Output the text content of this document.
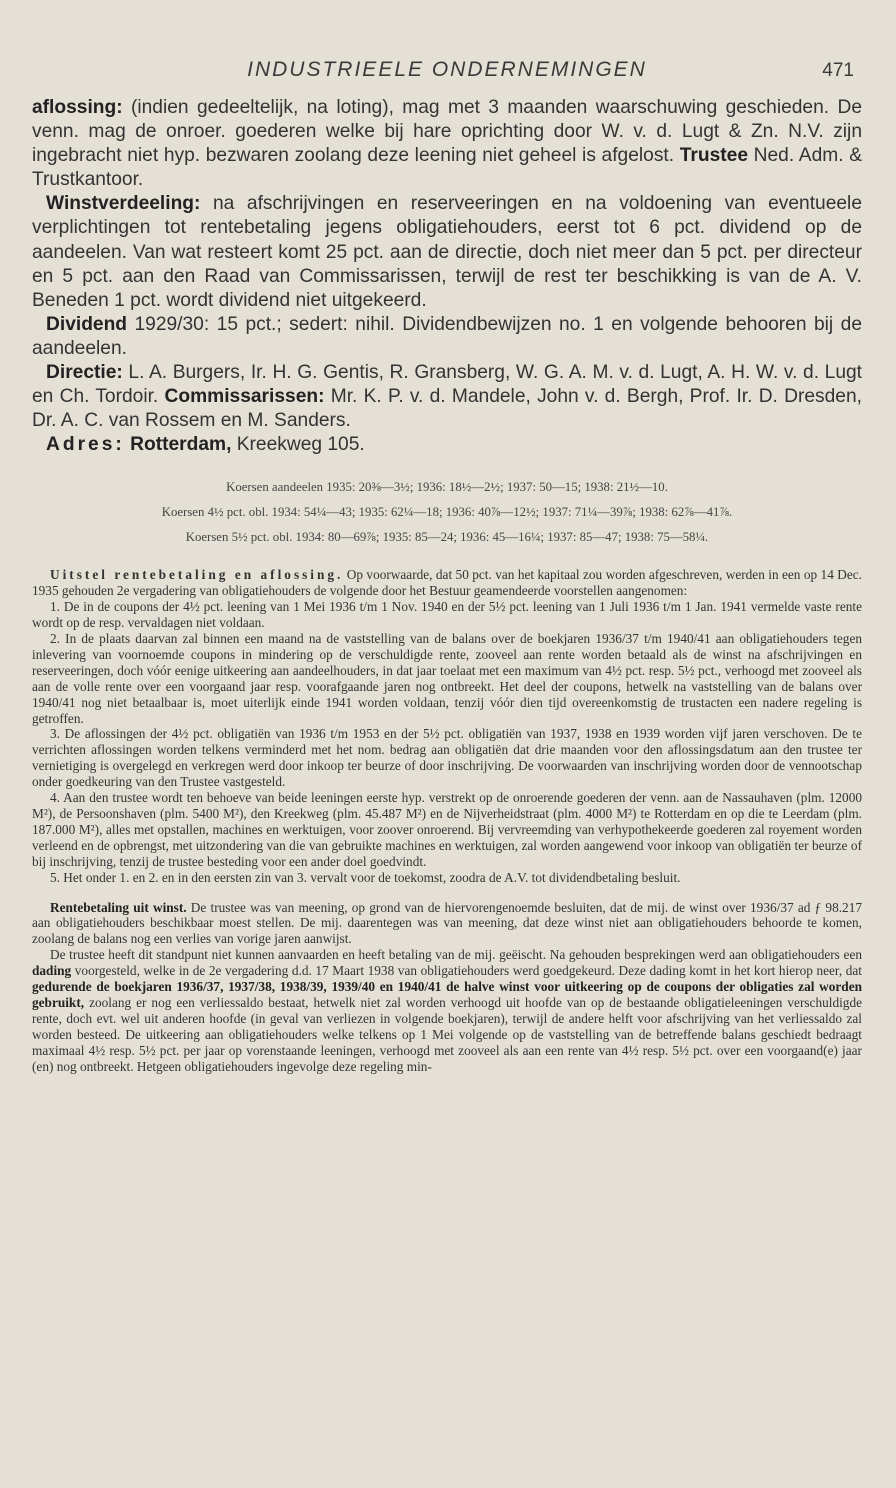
INDUSTRIEELE ONDERNEMINGEN	471

aflossing: (indien gedeeltelijk, na loting), mag met 3 maanden waarschuwing geschieden. De venn. mag de onroer. goederen welke bij hare oprichting door W. v. d. Lugt & Zn. N.V. zijn ingebracht niet hyp. bezwaren zoolang deze leening niet geheel is afgelost. Trustee Ned. Adm. & Trustkantoor.

Winstverdeeling: na afschrijvingen en reserveeringen en na voldoening van eventueele verplichtingen tot rentebetaling jegens obligatiehouders, eerst tot 6 pct. dividend op de aandeelen. Van wat resteert komt 25 pct. aan de directie, doch niet meer dan 5 pct. per directeur en 5 pct. aan den Raad van Commissarissen, terwijl de rest ter beschikking is van de A. V. Beneden 1 pct. wordt dividend niet uitgekeerd.

Dividend 1929/30: 15 pct.; sedert: nihil. Dividendbewijzen no. 1 en volgende behooren bij de aandeelen.

Directie: L. A. Burgers, Ir. H. G. Gentis, R. Gransberg, W. G. A. M. v. d. Lugt, A. H. W. v. d. Lugt en Ch. Tordoir. Commissarissen: Mr. K. P. v. d. Mandele, John v. d. Bergh, Prof. Ir. D. Dresden, Dr. A. C. van Rossem en M. Sanders.

Adres: Rotterdam, Kreekweg 105.

Koersen aandeelen 1935: 20⅜—3½; 1936: 18½—2½; 1937: 50—15; 1938: 21½—10.

Koersen 4½ pct. obl. 1934: 54¼—43; 1935: 62¼—18; 1936: 40⅞—12½; 1937: 71¼—39⅞; 1938: 62⅞—41⅞.

Koersen 5½ pct. obl. 1934: 80—69⅞; 1935: 85—24; 1936: 45—16¼; 1937: 85—47; 1938: 75—58¼.

Uitstel rentebetaling en aflossing. Op voorwaarde, dat 50 pct. van het kapitaal zou worden afgeschreven, werden in een op 14 Dec. 1935 gehouden 2e vergadering van obligatiehouders de volgende door het Bestuur geamendeerde voorstellen aangenomen:

1. De in de coupons der 4½ pct. leening van 1 Mei 1936 t/m 1 Nov. 1940 en der 5½ pct. leening van 1 Juli 1936 t/m 1 Jan. 1941 vermelde vaste rente wordt op de resp. vervaldagen niet voldaan.

2. In de plaats daarvan zal binnen een maand na de vaststelling van de balans over de boekjaren 1936/37 t/m 1940/41 aan obligatiehouders tegen inlevering van voornoemde coupons in mindering op de verschuldigde rente, zooveel aan rente worden betaald als de winst na afschrijvingen en reserveeringen, doch vóór eenige uitkeering aan aandeelhouders, in dat jaar toelaat met een maximum van 4½ pct. resp. 5½ pct., verhoogd met zooveel als aan de volle rente over een voorgaand jaar resp. voorafgaande jaren nog ontbreekt. Het deel der coupons, hetwelk na vaststelling van de balans over 1940/41 nog niet betaalbaar is, moet uiterlijk einde 1941 worden voldaan, tenzij vóór dien tijd overeenkomstig de trustacten een nadere regeling is getroffen.

3. De aflossingen der 4½ pct. obligatiën van 1936 t/m 1953 en der 5½ pct. obligatiën van 1937, 1938 en 1939 worden vijf jaren verschoven. De te verrichten aflossingen worden telkens verminderd met het nom. bedrag aan obligatiën dat drie maanden voor den aflossingsdatum aan den trustee ter vernietiging is overgelegd en verkregen werd door inkoop ter beurze of door inschrijving. De voorwaarden van inschrijving worden door de vennootschap onder goedkeuring van den Trustee vastgesteld.

4. Aan den trustee wordt ten behoeve van beide leeningen eerste hyp. verstrekt op de onroerende goederen der venn. aan de Nassauhaven (plm. 12000 M²), de Persoonshaven (plm. 5400 M²), den Kreekweg (plm. 45.487 M²) en de Nijverheidstraat (plm. 4000 M²) te Rotterdam en op die te Leerdam (plm. 187.000 M²), alles met opstallen, machines en werktuigen, voor zoover onroerend. Bij vervreemding van verhypothekeerde goederen zal royement worden verleend en de opbrengst, met uitzondering van die van gebruikte machines en werktuigen, zal worden aangewend voor inkoop van obligatiën ter beurze of bij inschrijving, tenzij de trustee besteding voor een ander doel goedvindt.

5. Het onder 1. en 2. en in den eersten zin van 3. vervalt voor de toekomst, zoodra de A.V. tot dividendbetaling besluit.

Rentebetaling uit winst. De trustee was van meening, op grond van de hiervorengenoemde besluiten, dat de mij. de winst over 1936/37 ad ƒ 98.217 aan obligatiehouders beschikbaar moest stellen. De mij. daarentegen was van meening, dat deze winst niet aan obligatiehouders behoorde te komen, zoolang de balans nog een verlies van vorige jaren aanwijst.

De trustee heeft dit standpunt niet kunnen aanvaarden en heeft betaling van de mij. geëischt. Na gehouden besprekingen werd aan obligatiehouders een dading voorgesteld, welke in de 2e vergadering d.d. 17 Maart 1938 van obligatiehouders werd goedgekeurd. Deze dading komt in het kort hierop neer, dat gedurende de boekjaren 1936/37, 1937/38, 1938/39, 1939/40 en 1940/41 de halve winst voor uitkeering op de coupons der obligaties zal worden gebruikt, zoolang er nog een verliessaldo bestaat, hetwelk niet zal worden verhoogd uit hoofde van op de bestaande obligatieleeningen verschuldigde rente, doch evt. wel uit anderen hoofde (in geval van verliezen in volgende boekjaren), terwijl de andere helft voor afschrijving van het verliessaldo zal worden besteed. De uitkeering aan obligatiehouders welke telkens op 1 Mei volgende op de vaststelling van de betreffende balans geschiedt bedraagt maximaal 4½ resp. 5½ pct. per jaar op vorenstaande leeningen, verhoogd met zooveel als aan een rente van 4½ resp. 5½ pct. over een voorgaand(e) jaar (en) nog ontbreekt. Hetgeen obligatiehouders ingevolge deze regeling min-
